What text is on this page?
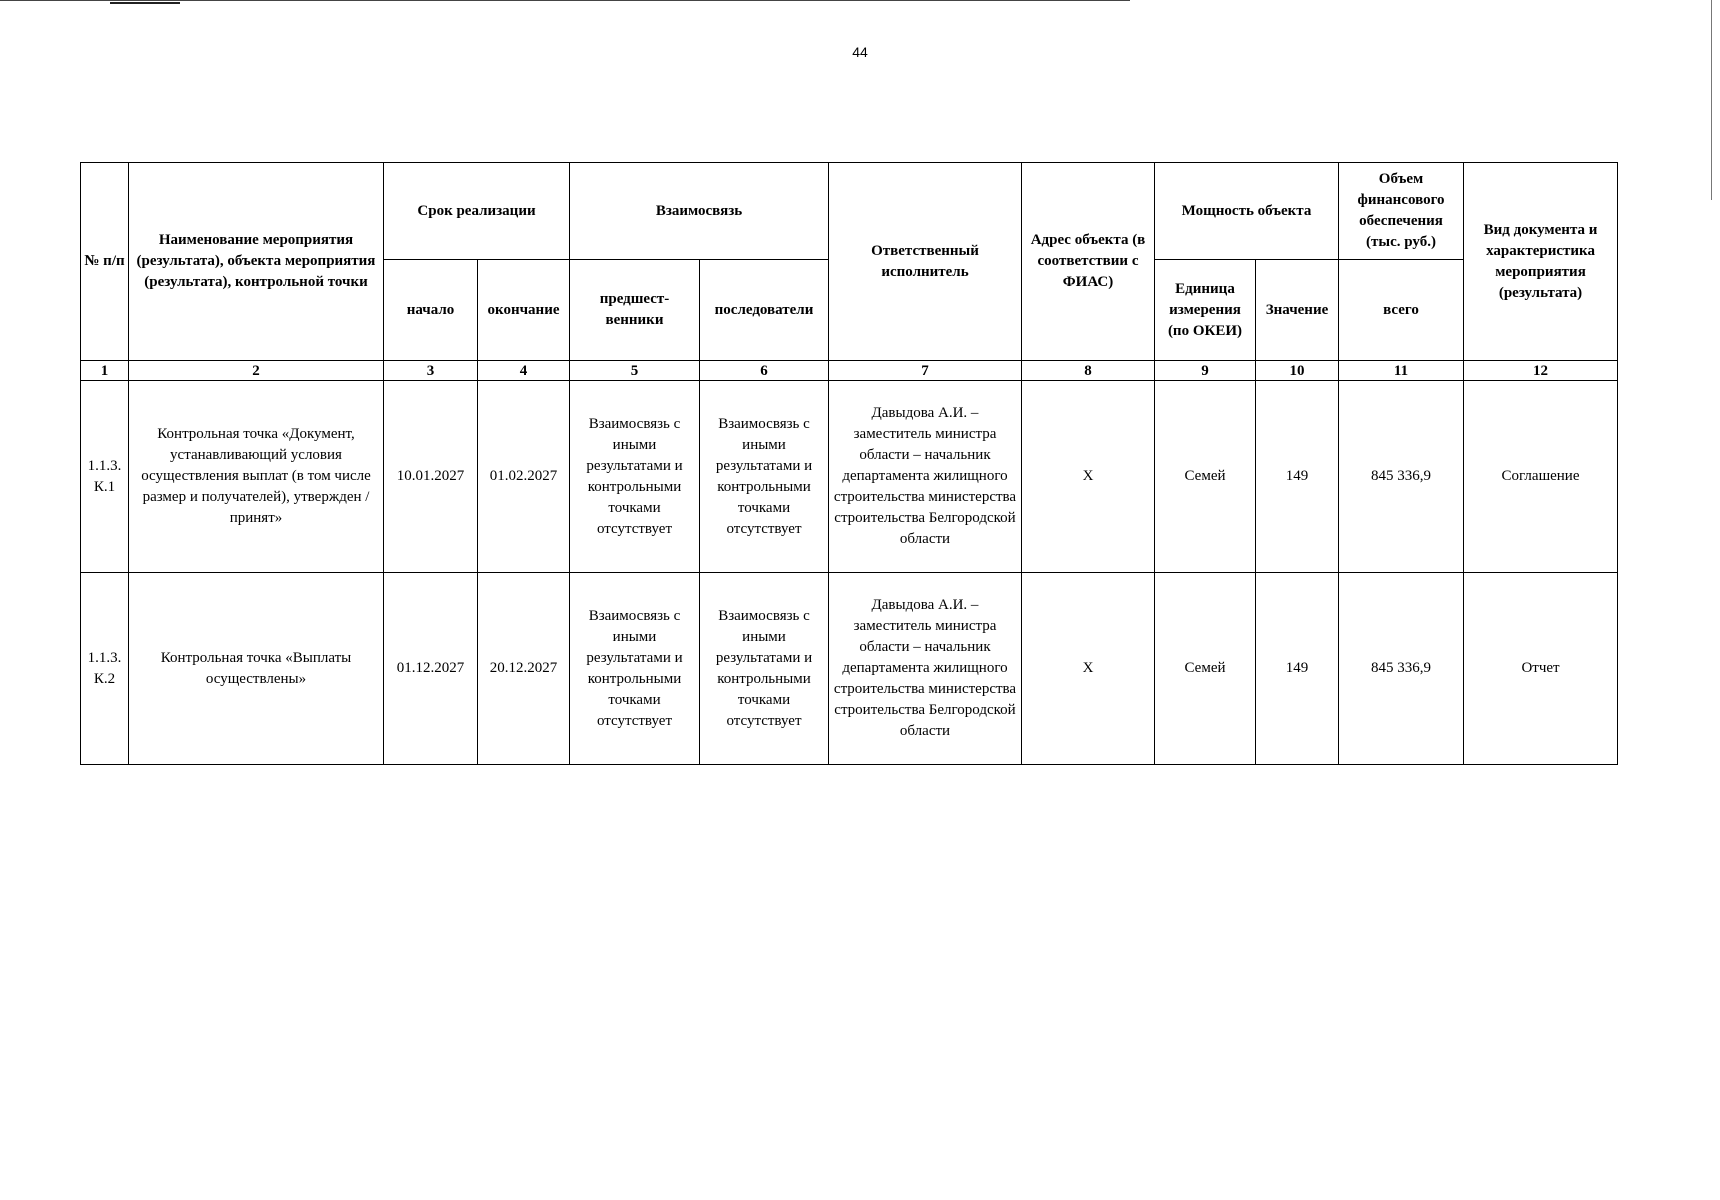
44
№ п/п	Наименование мероприятия (результата), объекта мероприятия (результата), контрольной точки	Срок реализации		Взаимосвязь		Ответственный исполнитель	Адрес объекта (в соответствии с ФИАС)	Мощность объекта		Объем финансового обеспечения (тыс. руб.)	Вид документа и характеристика мероприятия (результата)
		начало	окончание	предшест-венники	последователи			Единица измерения (по ОКЕИ)	Значение	всего	
1	2	3	4	5	6	7	8	9	10	11	12
1.1.3. К.1	Контрольная точка «Документ, устанавливающий условия осуществления выплат (в том числе размер и получателей), утвержден / принят»	10.01.2027	01.02.2027	Взаимосвязь с иными результатами и контрольными точками отсутствует	Взаимосвязь с иными результатами и контрольными точками отсутствует	Давыдова А.И. – заместитель министра области – начальник департамента жилищного строительства министерства строительства Белгородской области	Х	Семей	149	845 336,9	Соглашение
1.1.3. К.2	Контрольная точка «Выплаты осуществлены»	01.12.2027	20.12.2027	Взаимосвязь с иными результатами и контрольными точками отсутствует	Взаимосвязь с иными результатами и контрольными точками отсутствует	Давыдова А.И. – заместитель министра области – начальник департамента жилищного строительства министерства строительства Белгородской области	Х	Семей	149	845 336,9	Отчет
